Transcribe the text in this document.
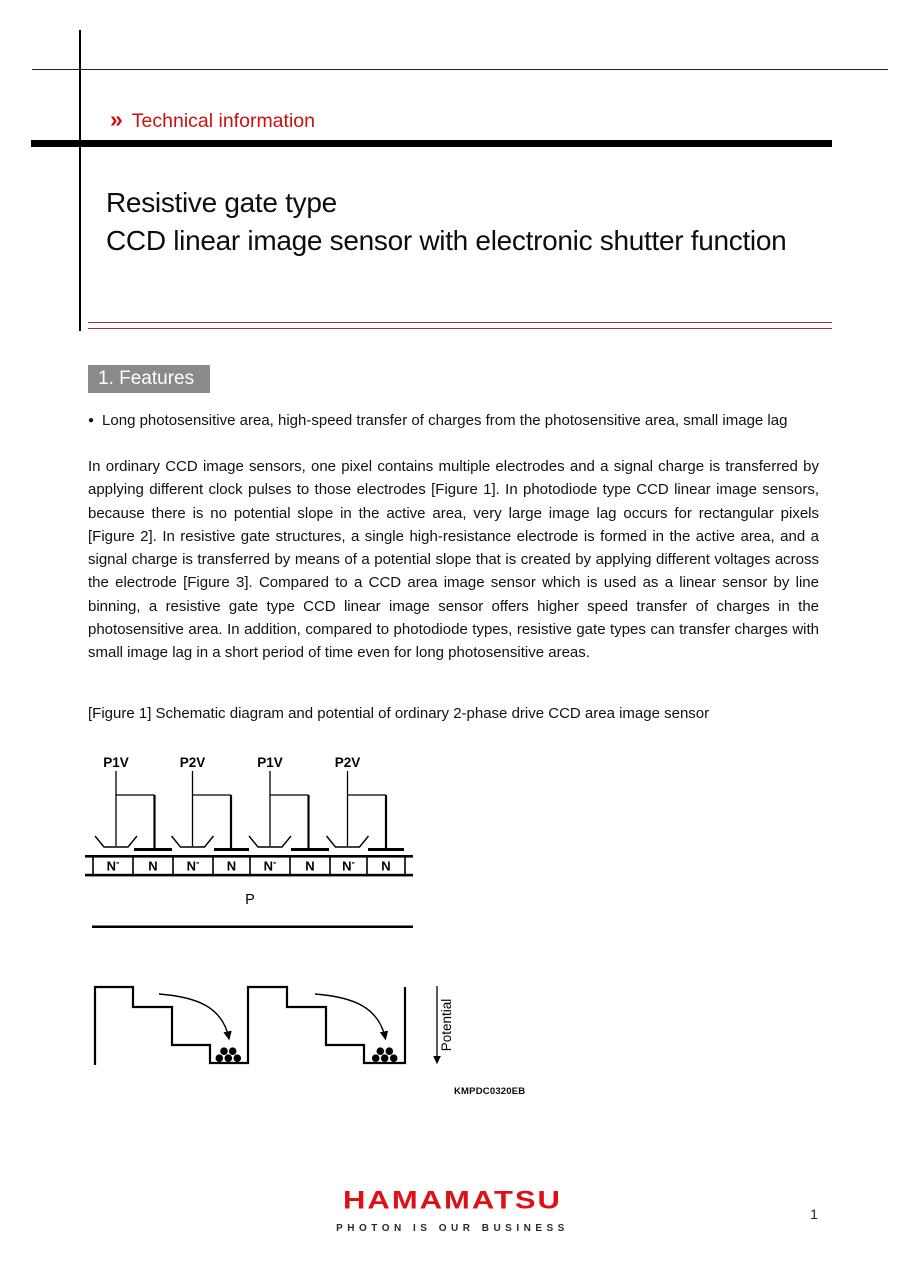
» Technical information
Resistive gate type
CCD linear image sensor with electronic shutter function
1. Features
● Long photosensitive area, high-speed transfer of charges from the photosensitive area, small image lag
In ordinary CCD image sensors, one pixel contains multiple electrodes and a signal charge is transferred by applying different clock pulses to those electrodes [Figure 1]. In photodiode type CCD linear image sensors, because there is no potential slope in the active area, very large image lag occurs for rectangular pixels [Figure 2]. In resistive gate structures, a single high-resistance electrode is formed in the active area, and a signal charge is transferred by means of a potential slope that is created by applying different voltages across the electrode [Figure 3]. Compared to a CCD area image sensor which is used as a linear sensor by line binning, a resistive gate type CCD linear image sensor offers higher speed transfer of charges in the photosensitive area. In addition, compared to photodiode types, resistive gate types can transfer charges with small image lag in a short period of time even for long photosensitive areas.
[Figure 1] Schematic diagram and potential of ordinary 2-phase drive CCD area image sensor
P1V	P2V	P1V	P2V
N- N N- N N- N N- N
P
Potential
KMPDC0320EB
HAMAMATSU
PHOTON IS OUR BUSINESS
1
